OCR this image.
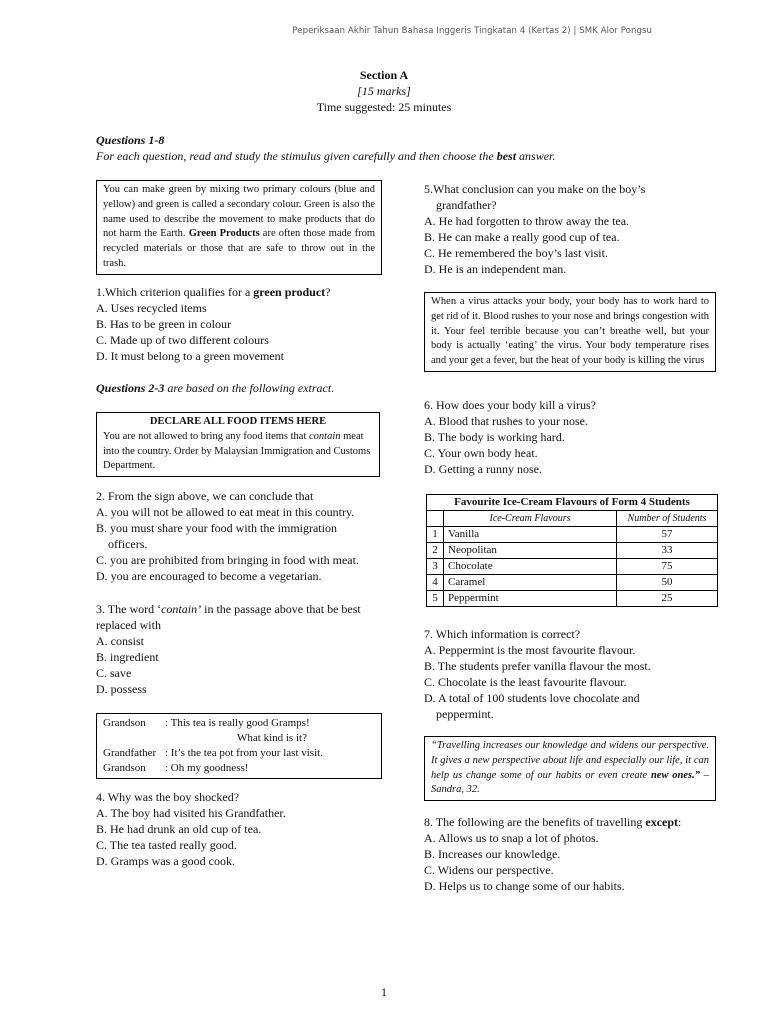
Peperiksaan Akhir Tahun Bahasa Inggeris Tingkatan 4 (Kertas 2) | SMK Alor Pongsu
Section A
[15 marks]
Time suggested: 25 minutes
Questions 1-8
For each question, read and study the stimulus given carefully and then choose the best answer.
You can make green by mixing two primary colours (blue and yellow) and green is called a secondary colour. Green is also the name used to describe the movement to make products that do not harm the Earth. Green Products are often those made from recycled materials or those that are safe to throw out in the trash.

1.Which criterion qualifies for a green product?

A. Uses recycled items

B. Has to be green in colour

C. Made up of two different colours

D. It must belong to a green movement

Questions 2-3 are based on the following extract.
DECLARE ALL FOOD ITEMS HERE
You are not allowed to bring any food items that contain meat into the country. Order by Malaysian Immigration and Customs Department.

2. From the sign above, we can conclude that

A. you will not be allowed to eat meat in this country.

B. you must share your food with the immigration

officers.

C. you are prohibited from bringing in food with meat.

D. you are encouraged to become a vegetarian.

3. The word ‘contain’ in the passage above that be best replaced with

A. consist

B. ingredient

C. save

D. possess

Grandson	: This tea is really good Gramps!
	What kind is it?
Grandfather	: It’s the tea pot from your last visit.
Grandson	: Oh my goodness!

4. Why was the boy shocked?

A. The boy had visited his Grandfather.

B. He had drunk an old cup of tea.

C. The tea tasted really good.

D. Gramps was a good cook.

5.What conclusion can you make on the boy’s

grandfather?

A. He had forgotten to throw away the tea.

B. He can make a really good cup of tea.

C. He remembered the boy’s last visit.

D. He is an independent man.

When a virus attacks your body, your body has to work hard to get rid of it. Blood rushes to your nose and brings congestion with it. Your feel terrible because you can’t breathe well, but your body is actually ‘eating’ the virus. Your body temperature rises and your get a fever, but the heat of your body is killing the virus

6. How does your body kill a virus?

A. Blood that rushes to your nose.

B. The body is working hard.

C. Your own body heat.

D. Getting a runny nose.

Favourite Ice-Cream Flavours of Form 4 Students		
	Ice-Cream Flavours	Number of Students
1	Vanilla	57
2	Neopolitan	33
3	Chocolate	75
4	Caramel	50
5	Peppermint	25

7. Which information is correct?

A. Peppermint is the most favourite flavour.

B. The students prefer vanilla flavour the most.

C. Chocolate is the least favourite flavour.

D. A total of 100 students love chocolate and

peppermint.

“Travelling increases our knowledge and widens our perspective. It gives a new perspective about life and especially our life, it can help us change some of our habits or even create new ones.” – Sandra, 32.

8. The following are the benefits of travelling except:

A. Allows us to snap a lot of photos.

B. Increases our knowledge.

C. Widens our perspective.

D. Helps us to change some of our habits.

1
